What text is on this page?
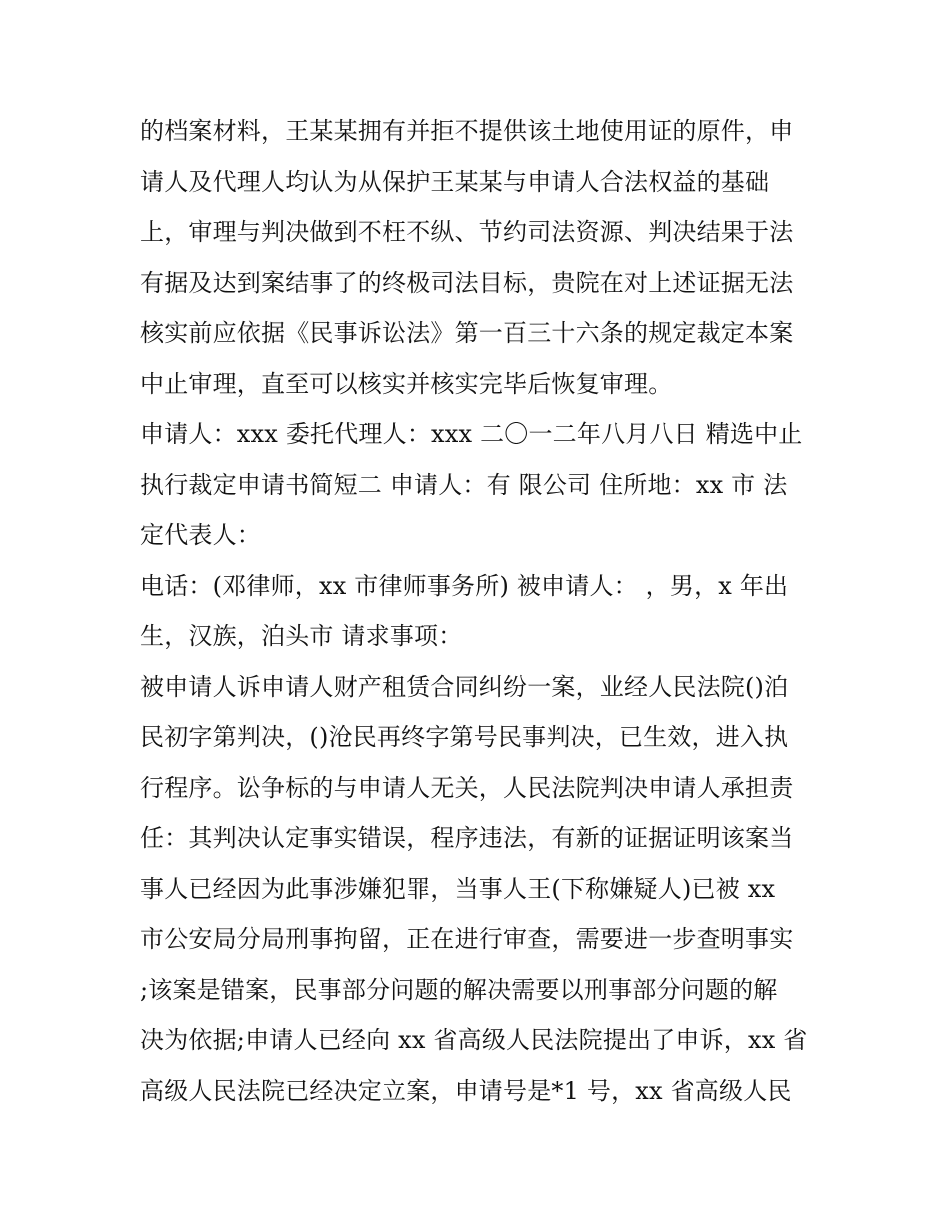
的档案材料，王某某拥有并拒不提供该土地使用证的原件，申
请人及代理人均认为从保护王某某与申请人合法权益的基础
上，审理与判决做到不枉不纵、节约司法资源、判决结果于法
有据及达到案结事了的终极司法目标，贵院在对上述证据无法
核实前应依据《民事诉讼法》第一百三十六条的规定裁定本案
中止审理，直至可以核实并核实完毕后恢复审理。
申请人：xxx 委托代理人：xxx 二〇一二年八月八日 精选中止
执行裁定申请书简短二 申请人：有 限公司 住所地：xx 市 法
定代表人：
电话：(邓律师，xx 市律师事务所) 被申请人： ，男，x 年出
生，汉族，泊头市 请求事项：
被申请人诉申请人财产租赁合同纠纷一案，业经人民法院()泊
民初字第判决，()沧民再终字第号民事判决，已生效，进入执
行程序。讼争标的与申请人无关，人民法院判决申请人承担责
任：其判决认定事实错误，程序违法，有新的证据证明该案当
事人已经因为此事涉嫌犯罪，当事人王(下称嫌疑人)已被 xx
市公安局分局刑事拘留，正在进行审查，需要进一步查明事实
;该案是错案，民事部分问题的解决需要以刑事部分问题的解
决为依据;申请人已经向 xx 省高级人民法院提出了申诉，xx 省
高级人民法院已经决定立案，申请号是*1 号，xx 省高级人民
